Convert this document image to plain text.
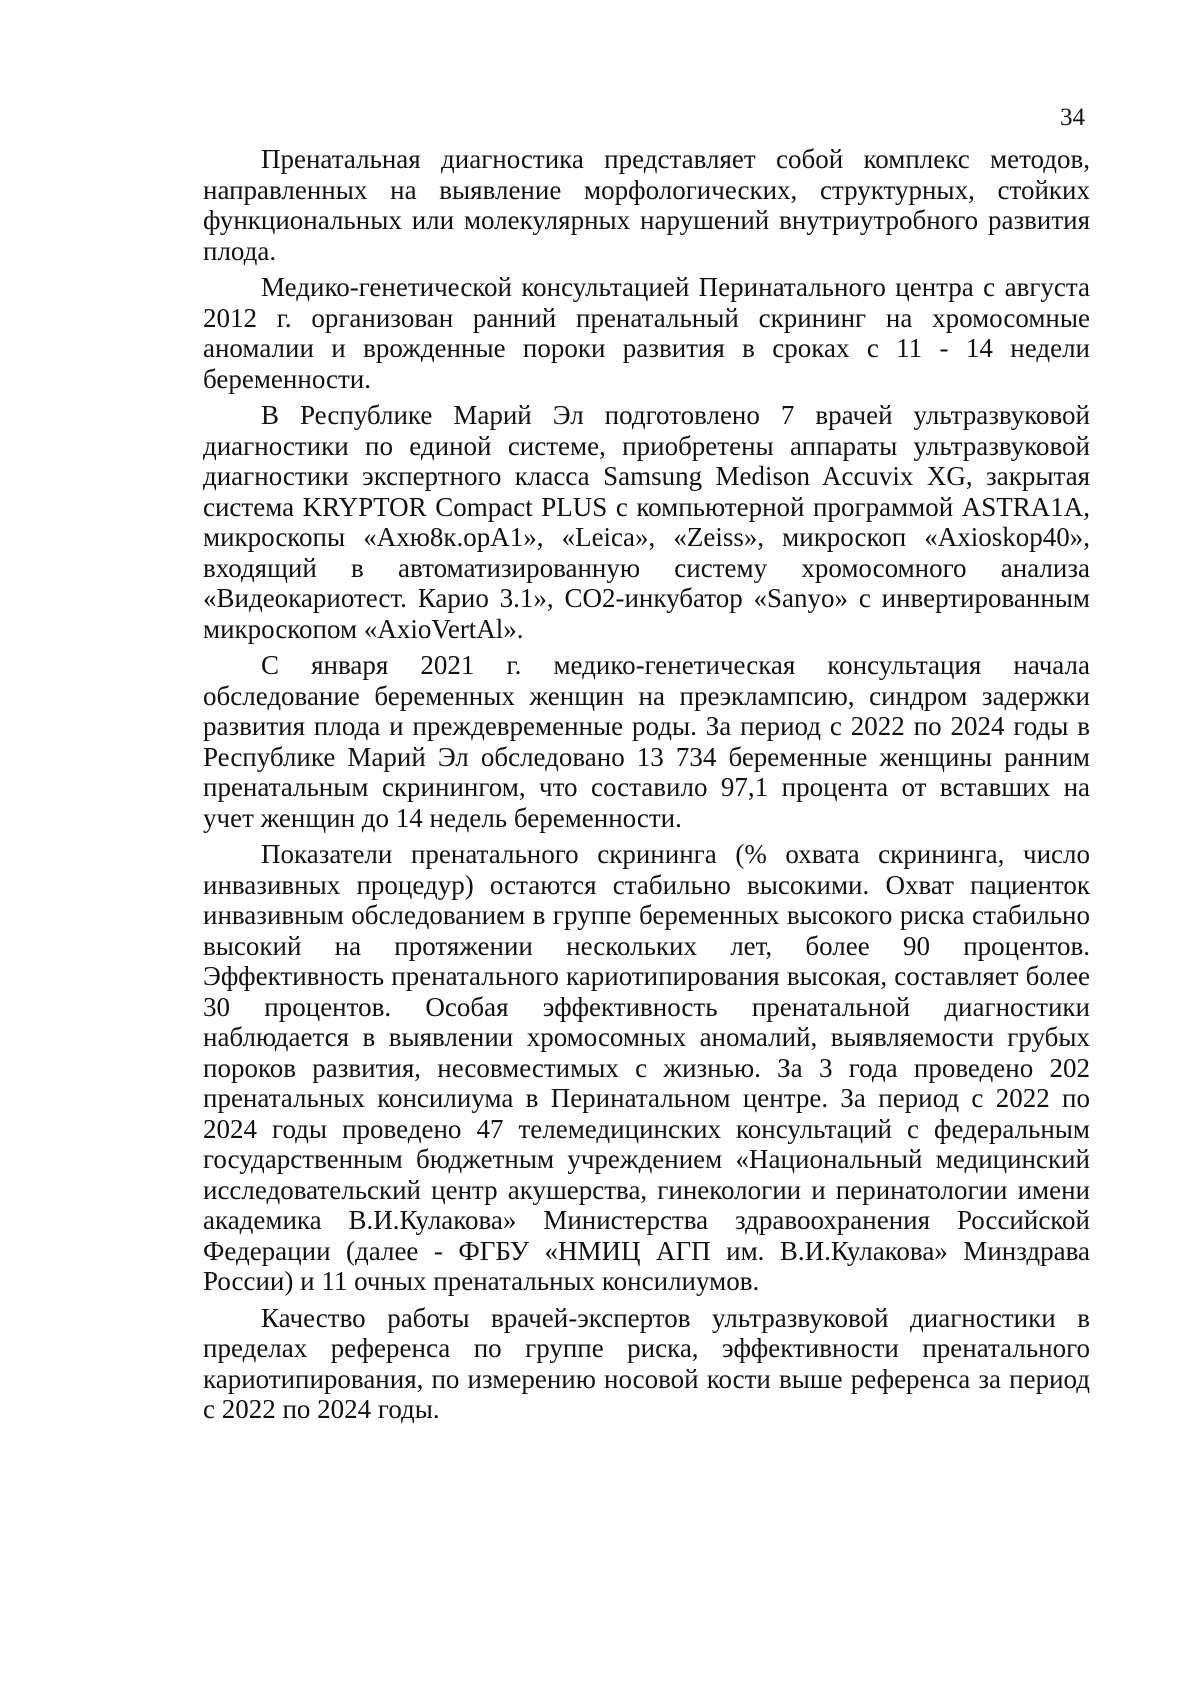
34

Пренатальная диагностика представляет собой комплекс методов, направленных на выявление морфологических, структурных, стойких функциональных или молекулярных нарушений внутриутробного развития плода.

Медико-генетической консультацией Перинатального центра с августа 2012 г. организован ранний пренатальный скрининг на хромосомные аномалии и врожденные пороки развития в сроках с 11 - 14 недели беременности.

В Республике Марий Эл подготовлено 7 врачей ультразвуковой диагностики по единой системе, приобретены аппараты ультразвуковой диагностики экспертного класса Samsung Medison Accuvix XG, закрытая система KRYPTOR Compact PLUS с компьютерной программой ASTRA1A, микроскопы «Ахю8к.орА1», «Leica», «Zeiss», микроскоп «Axioskop40», входящий в автоматизированную систему хромосомного анализа «Видеокариотест. Карио 3.1», CO2-инкубатор «Sanyo» с инвертированным микроскопом «AxioVertAl».

С января 2021 г. медико-генетическая консультация начала обследование беременных женщин на преэклампсию, синдром задержки развития плода и преждевременные роды. За период с 2022 по 2024 годы в Республике Марий Эл обследовано 13 734 беременные женщины ранним пренатальным скринингом, что составило 97,1 процента от вставших на учет женщин до 14 недель беременности.

Показатели пренатального скрининга (% охвата скрининга, число инвазивных процедур) остаются стабильно высокими. Охват пациенток инвазивным обследованием в группе беременных высокого риска стабильно высокий на протяжении нескольких лет, более 90 процентов. Эффективность пренатального кариотипирования высокая, составляет более 30 процентов. Особая эффективность пренатальной диагностики наблюдается в выявлении хромосомных аномалий, выявляемости грубых пороков развития, несовместимых с жизнью. За 3 года проведено 202 пренатальных консилиума в Перинатальном центре. За период с 2022 по 2024 годы проведено 47 телемедицинских консультаций с федеральным государственным бюджетным учреждением «Национальный медицинский исследовательский центр акушерства, гинекологии и перинатологии имени академика В.И.Кулакова» Министерства здравоохранения Российской Федерации (далее - ФГБУ «НМИЦ АГП им. В.И.Кулакова» Минздрава России) и 11 очных пренатальных консилиумов.

Качество работы врачей-экспертов ультразвуковой диагностики в пределах референса по группе риска, эффективности пренатального кариотипирования, по измерению носовой кости выше референса за период с 2022 по 2024 годы.
